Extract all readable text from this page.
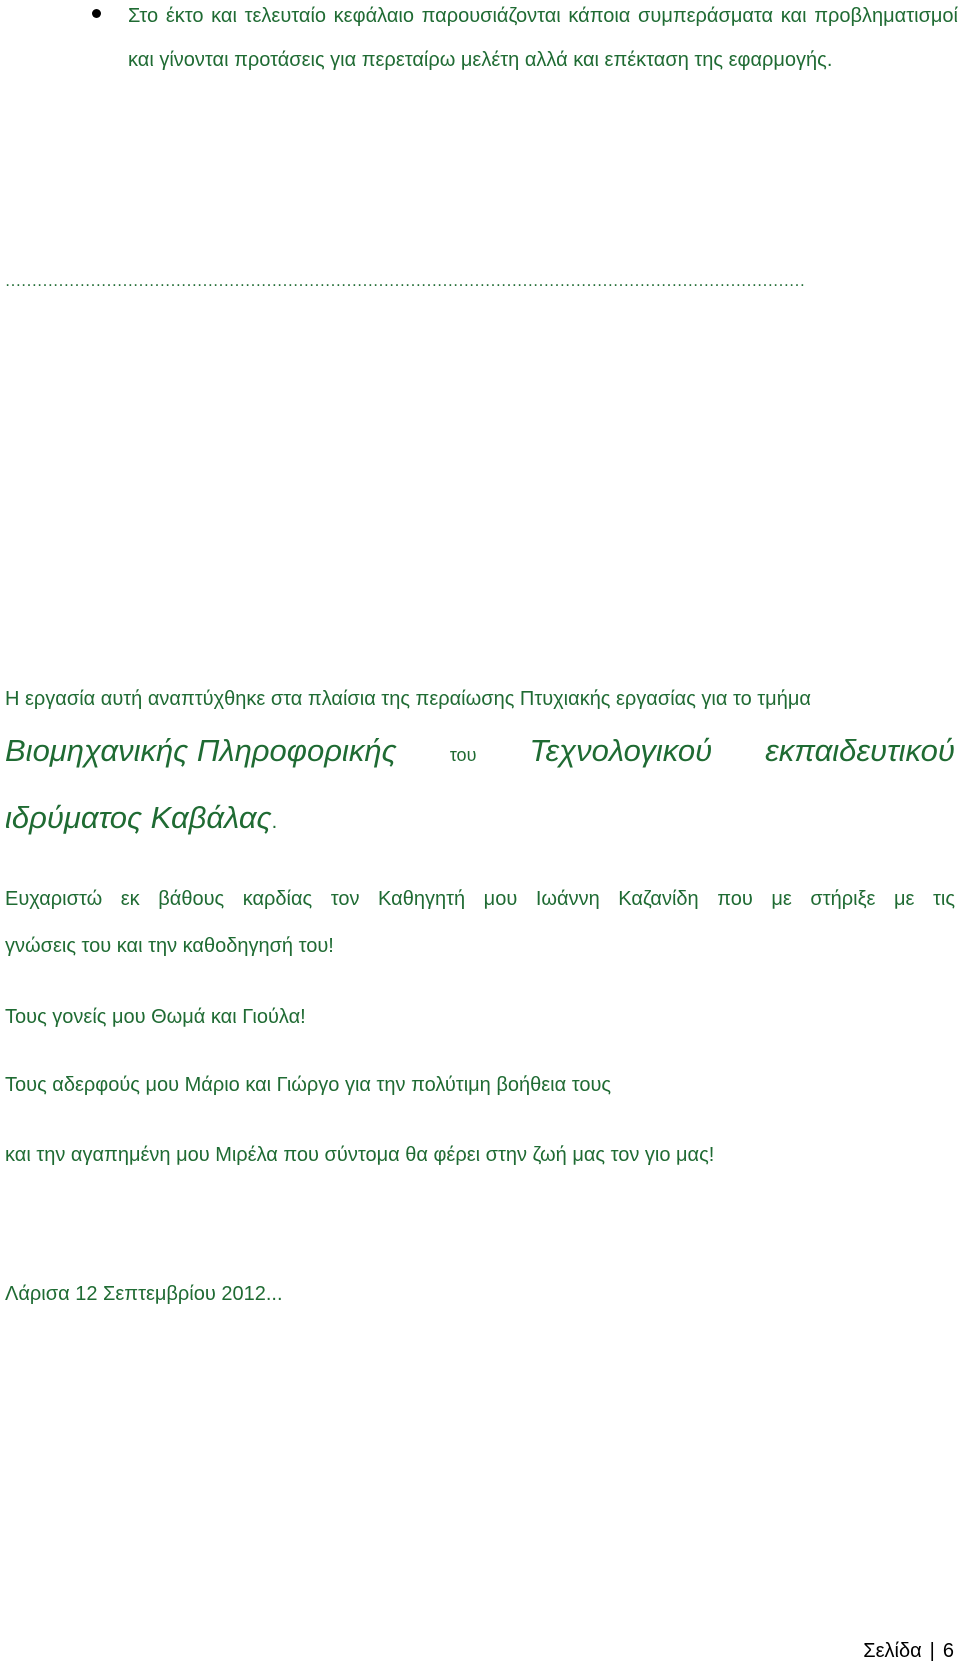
Στο έκτο και τελευταίο κεφάλαιο παρουσιάζονται κάποια συμπεράσματα και προβληματισμοί και γίνονται προτάσεις για περεταίρω μελέτη αλλά και επέκταση της εφαρμογής.
……………………………………………………………………………………………………………………………………
Η εργασία αυτή αναπτύχθηκε στα πλαίσια της περαίωσης Πτυχιακής εργασίας για το τμήμα
Βιομηχανικής Πληροφορικής	του Τεχνολογικού εκπαιδευτικού
ιδρύματος Καβάλας.
Ευχαριστώ εκ βάθους καρδίας τον Καθηγητή μου Ιωάννη Καζανίδη που με στήριξε με τις
γνώσεις του και την καθοδηγησή του!
Τους γονείς μου Θωμά και Γιούλα!
Τους αδερφούς μου Μάριο και Γιώργο για την πολύτιμη βοήθεια τους
και την αγαπημένη μου Μιρέλα που σύντομα θα φέρει στην ζωή μας τον γιο μας!
Λάρισα 12 Σεπτεμβρίου 2012...
Σελίδα | 6
